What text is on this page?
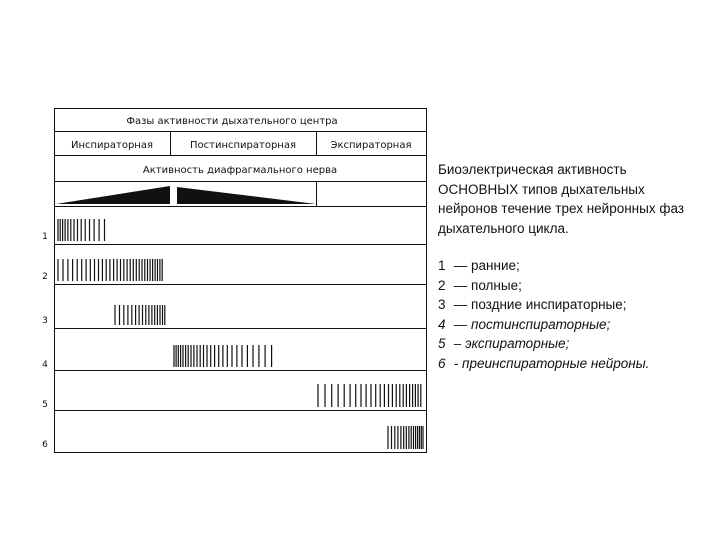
Фазы активности дыхательного центра
Инспираторная	Постинспираторная	Экспираторная
Активность диафрагмального нерва
1
2
3
4
5
6
Биоэлектрическая активность ОСНОВНЫХ типов дыхательных нейронов течение трех нейронных фаз дыхательного цикла.
1 — ранние;
2 — полные;
3 — поздние инспираторные;
4 — постинспираторные;
5 – экспираторные;
6 - преинспираторные нейроны.
